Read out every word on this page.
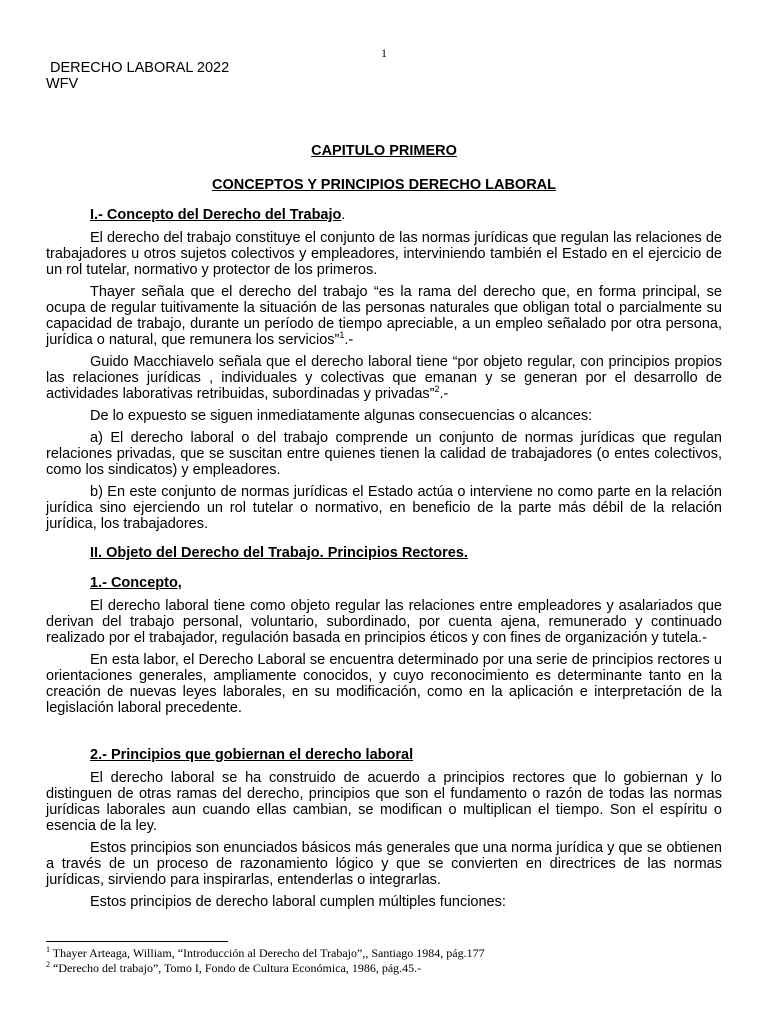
1
DERECHO LABORAL 2022
WFV
CAPITULO PRIMERO
CONCEPTOS Y PRINCIPIOS DERECHO LABORAL
I.- Concepto del Derecho del Trabajo.

El derecho del trabajo constituye el conjunto de las normas jurídicas que regulan las relaciones de trabajadores u otros sujetos colectivos y empleadores, interviniendo también el Estado en el ejercicio de un rol tutelar, normativo y protector de los primeros.

Thayer señala que el derecho del trabajo “es la rama del derecho que, en forma principal, se ocupa de regular tuitivamente la situación de las personas naturales que obligan total o parcialmente su capacidad de trabajo, durante un período de tiempo apreciable, a un empleo señalado por otra persona, jurídica o natural, que remunera los servicios”$^1$.-

Guido Macchiavelo señala que el derecho laboral tiene “por objeto regular, con principios propios las relaciones jurídicas , individuales y colectivas que emanan y se generan por el desarrollo de actividades laborativas retribuidas, subordinadas y privadas”$^2$.-

De lo expuesto se siguen inmediatamente algunas consecuencias o alcances:

a) El derecho laboral o del trabajo comprende un conjunto de normas jurídicas que regulan relaciones privadas, que se suscitan entre quienes tienen la calidad de trabajadores (o entes colectivos, como los sindicatos) y empleadores.

b) En este conjunto de normas jurídicas el Estado actúa o interviene no como parte en la relación jurídica sino ejerciendo un rol tutelar o normativo, en beneficio de la parte más débil de la relación jurídica, los trabajadores.

II. Objeto del Derecho del Trabajo. Principios Rectores.
1.- Concepto,

El derecho laboral tiene como objeto regular las relaciones entre empleadores y asalariados que derivan del trabajo personal, voluntario, subordinado, por cuenta ajena, remunerado y continuado realizado por el trabajador, regulación basada en principios éticos y con fines de organización y tutela.-

En esta labor, el Derecho Laboral se encuentra determinado por una serie de principios rectores u orientaciones generales, ampliamente conocidos, y cuyo reconocimiento es determinante tanto en la creación de nuevas leyes laborales, en su modificación, como en la aplicación e interpretación de la legislación laboral precedente.

2.- Principios que gobiernan el derecho laboral

El derecho laboral se ha construido de acuerdo a principios rectores que lo gobiernan y lo distinguen de otras ramas del derecho, principios que son el fundamento o razón de todas las normas jurídicas laborales aun cuando ellas cambian, se modifican o multiplican el tiempo. Son el espíritu o esencia de la ley.

Estos principios son enunciados básicos más generales que una norma jurídica y que se obtienen a través de un proceso de razonamiento lógico y que se convierten en directrices de las normas jurídicas, sirviendo para inspirarlas, entenderlas o integrarlas.

Estos principios de derecho laboral cumplen múltiples funciones:

$^1$ Thayer Arteaga, William, “Introducción al Derecho del Trabajo”,, Santiago 1984, pág.177
$^2$ “Derecho del trabajo”, Tomo I, Fondo de Cultura Económica, 1986, pág.45.-
